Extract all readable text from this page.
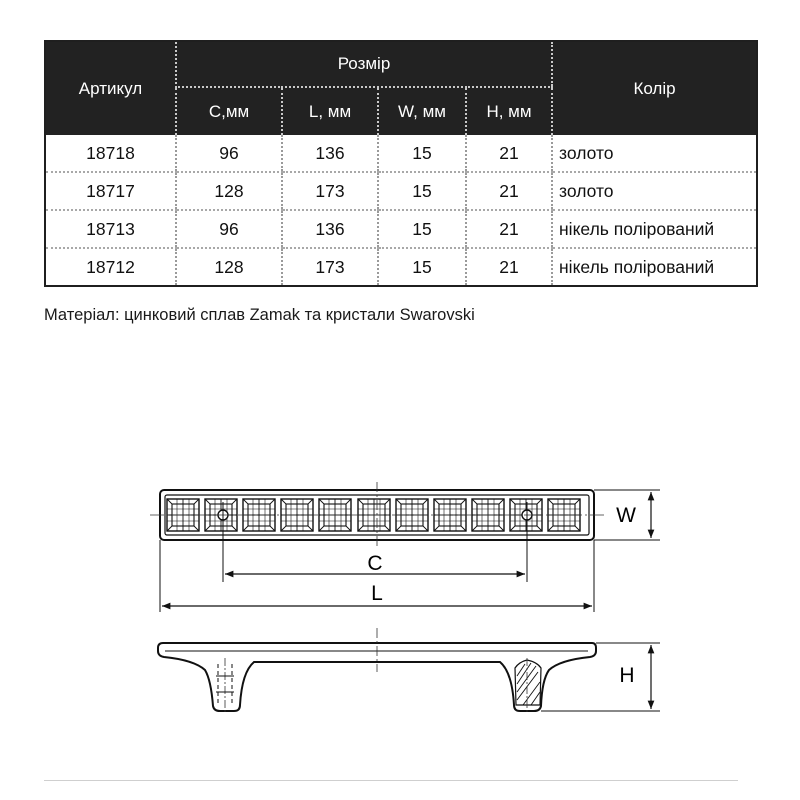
Артикул	Розмір				Колір
	C,мм	L, мм	W, мм	H, мм	
18718	96	136	15	21	золото
18717	128	173	15	21	золото
18713	96	136	15	21	нікель полірований
18712	128	173	15	21	нікель полірований

Матеріал: цинковий сплав Zamak та кристали Swarovski

W
C
L
H
